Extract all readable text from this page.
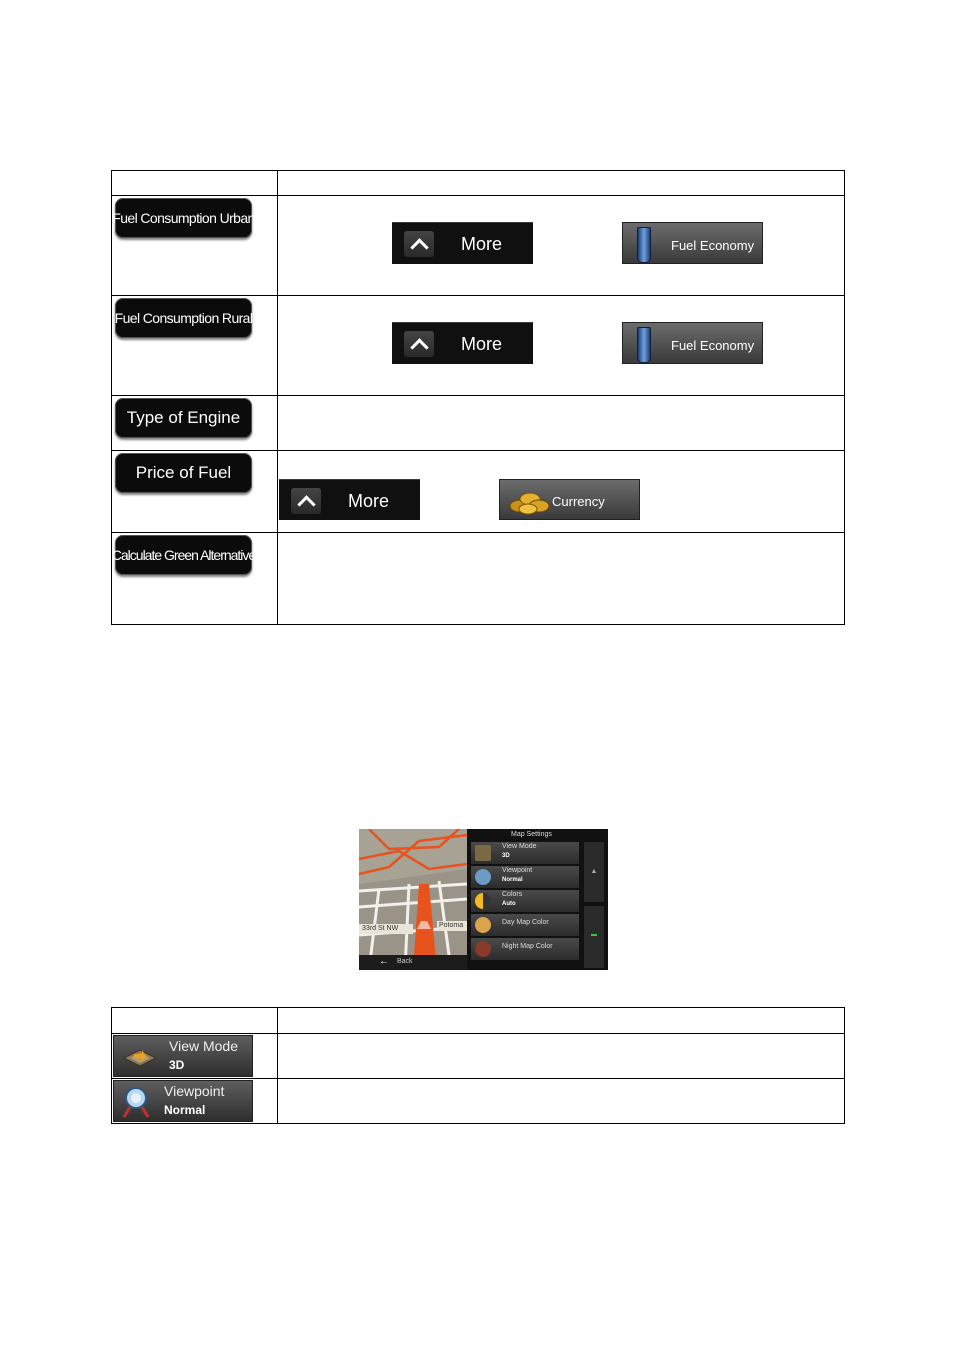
Fuel Consumption Urban
More	Fuel Economy
Fuel Consumption Rural
More	Fuel Economy
Type of Engine
Price of Fuel
More	Currency
Calculate Green Alternative
33rd St NW	Potoma
← Back
Map Settings
View Mode
3D
Viewpoint
Normal
Colors
Auto
Day Map Color
Night Map Color
▲
View Mode
3D
Viewpoint
Normal
